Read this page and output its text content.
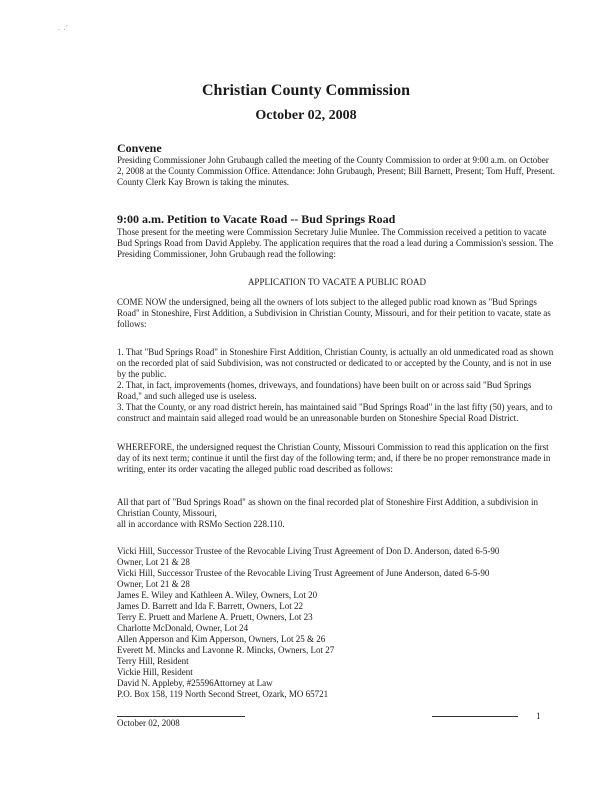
. .'
Christian County Commission
October 02, 2008
Convene
Presiding Commissioner John Grubaugh called the meeting of the County Commission to order at 9:00 a.m. on October 2, 2008 at the County Commission Office. Attendance: John Grubaugh, Present; Bill Barnett, Present; Tom Huff, Present. County Clerk Kay Brown is taking the minutes.
9:00 a.m. Petition to Vacate Road -- Bud Springs Road
Those present for the meeting were Commission Secretary Julie Munlee. The Commission received a petition to vacate Bud Springs Road from David Appleby. The application requires that the road a lead during a Commission's session. The Presiding Commissioner, John Grubaugh read the following:
APPLICATION TO VACATE A PUBLIC ROAD
COME NOW the undersigned, being all the owners of lots subject to the alleged public road known as "Bud Springs Road" in Stoneshire, First Addition, a Subdivision in Christian County, Missouri, and for their petition to vacate, state as follows:
1. That "Bud Springs Road" in Stoneshire First Addition, Christian County, is actually an old unmedicated road as shown on the recorded plat of said Subdivision, was not constructed or dedicated to or accepted by the County, and is not in use by the public.
2. That, in fact, improvements (homes, driveways, and foundations) have been built on or across said "Bud Springs Road," and such alleged use is useless.
3. That the County, or any road district herein, has maintained said "Bud Springs Road" in the last fifty (50) years, and to construct and maintain said alleged road would be an unreasonable burden on Stoneshire Special Road District.
WHEREFORE, the undersigned request the Christian County, Missouri Commission to read this application on the first day of its next term; continue it until the first day of the following term; and, if there be no proper remonstrance made in writing, enter its order vacating the alleged public road described as follows:
All that part of "Bud Springs Road" as shown on the final recorded plat of Stoneshire First Addition, a subdivision in Christian County, Missouri,
all in accordance with RSMo Section 228.110.
Vicki Hill, Successor Trustee of the Revocable Living Trust Agreement of Don D. Anderson, dated 6-5-90
Owner, Lot 21 & 28
Vicki Hill, Successor Trustee of the Revocable Living Trust Agreement of June Anderson, dated 6-5-90
Owner, Lot 21 & 28
James E. Wiley and Kathleen A. Wiley, Owners, Lot 20
James D. Barrett and Ida F. Barrett, Owners, Lot 22
Terry E. Pruett and Marlene A. Pruett, Owners, Lot 23
Charlotte McDonald, Owner, Lot 24
Allen Apperson and Kim Apperson, Owners, Lot 25 & 26
Everett M. Mincks and Lavonne R. Mincks, Owners, Lot 27
Terry Hill, Resident
Vickie Hill, Resident
David N. Appleby, #25596Attorney at Law
P.O. Box 158, 119 North Second Street, Ozark, MO 65721
October 02, 2008
1
